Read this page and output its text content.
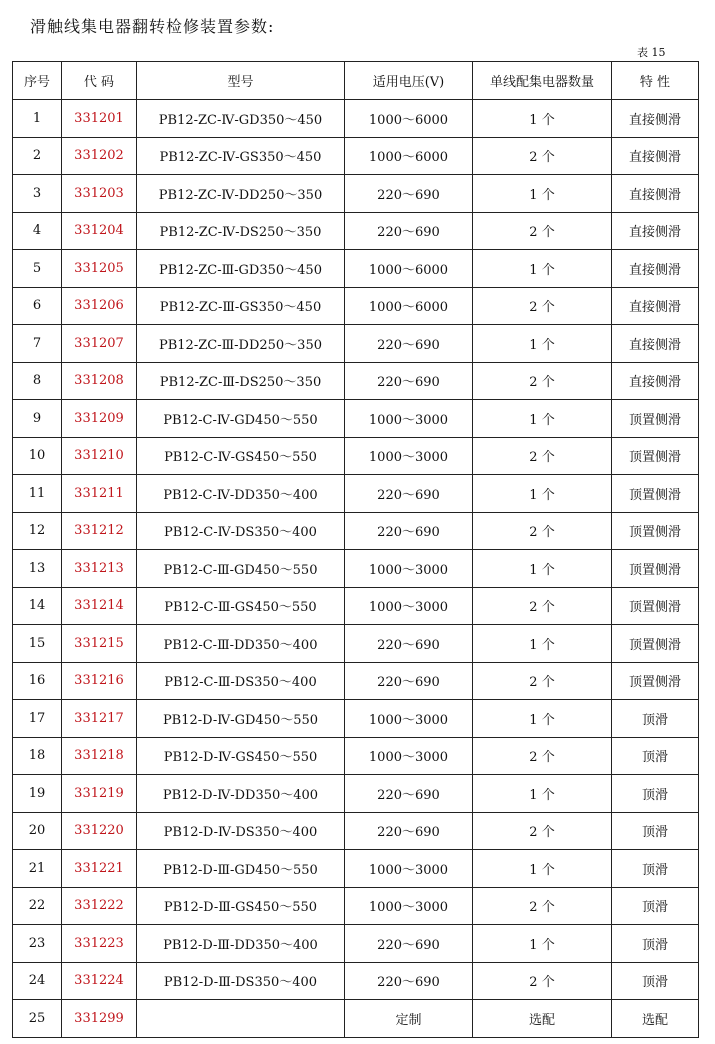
滑触线集电器翻转检修装置参数:
表 15
序号	代 码	型号	适用电压(V)	单线配集电器数量	特 性
1	331201	PB12-ZC-Ⅳ-GD350～450	1000～6000	1 个	直接侧滑
2	331202	PB12-ZC-Ⅳ-GS350～450	1000～6000	2 个	直接侧滑
3	331203	PB12-ZC-Ⅳ-DD250～350	220～690	1 个	直接侧滑
4	331204	PB12-ZC-Ⅳ-DS250～350	220～690	2 个	直接侧滑
5	331205	PB12-ZC-Ⅲ-GD350～450	1000～6000	1 个	直接侧滑
6	331206	PB12-ZC-Ⅲ-GS350～450	1000～6000	2 个	直接侧滑
7	331207	PB12-ZC-Ⅲ-DD250～350	220～690	1 个	直接侧滑
8	331208	PB12-ZC-Ⅲ-DS250～350	220～690	2 个	直接侧滑
9	331209	PB12-C-Ⅳ-GD450～550	1000～3000	1 个	顶置侧滑
10	331210	PB12-C-Ⅳ-GS450～550	1000～3000	2 个	顶置侧滑
11	331211	PB12-C-Ⅳ-DD350～400	220～690	1 个	顶置侧滑
12	331212	PB12-C-Ⅳ-DS350～400	220～690	2 个	顶置侧滑
13	331213	PB12-C-Ⅲ-GD450～550	1000～3000	1 个	顶置侧滑
14	331214	PB12-C-Ⅲ-GS450～550	1000～3000	2 个	顶置侧滑
15	331215	PB12-C-Ⅲ-DD350～400	220～690	1 个	顶置侧滑
16	331216	PB12-C-Ⅲ-DS350～400	220～690	2 个	顶置侧滑
17	331217	PB12-D-Ⅳ-GD450～550	1000～3000	1 个	顶滑
18	331218	PB12-D-Ⅳ-GS450～550	1000～3000	2 个	顶滑
19	331219	PB12-D-Ⅳ-DD350～400	220～690	1 个	顶滑
20	331220	PB12-D-Ⅳ-DS350～400	220～690	2 个	顶滑
21	331221	PB12-D-Ⅲ-GD450～550	1000～3000	1 个	顶滑
22	331222	PB12-D-Ⅲ-GS450～550	1000～3000	2 个	顶滑
23	331223	PB12-D-Ⅲ-DD350～400	220～690	1 个	顶滑
24	331224	PB12-D-Ⅲ-DS350～400	220～690	2 个	顶滑
25	331299		定制	选配	选配
